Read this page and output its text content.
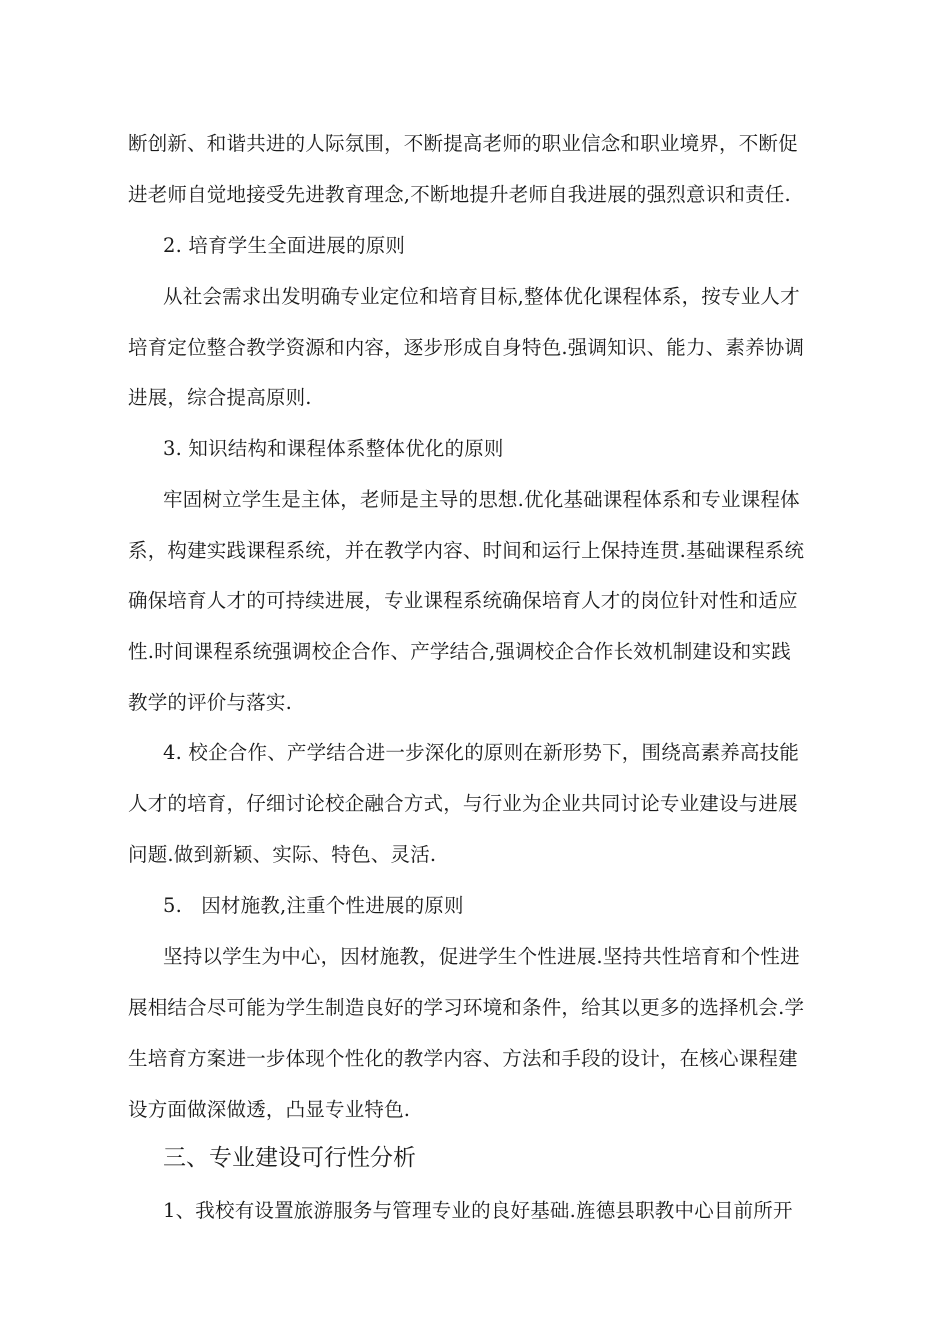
断创新、和谐共进的人际氛围，不断提高老师的职业信念和职业境界，不断促
进老师自觉地接受先进教育理念,不断地提升老师自我进展的强烈意识和责任.
2. 培育学生全面进展的原则
从社会需求出发明确专业定位和培育目标,整体优化课程体系，按专业人才
培育定位整合教学资源和内容，逐步形成自身特色.强调知识、能力、素养协调
进展，综合提高原则.
3. 知识结构和课程体系整体优化的原则
牢固树立学生是主体，老师是主导的思想.优化基础课程体系和专业课程体
系，构建实践课程系统，并在教学内容、时间和运行上保持连贯.基础课程系统
确保培育人才的可持续进展，专业课程系统确保培育人才的岗位针对性和适应
性.时间课程系统强调校企合作、产学结合,强调校企合作长效机制建设和实践
教学的评价与落实.
4. 校企合作、产学结合进一步深化的原则在新形势下，围绕高素养高技能
人才的培育，仔细讨论校企融合方式，与行业为企业共同讨论专业建设与进展
问题.做到新颖、实际、特色、灵活.
5.   因材施教,注重个性进展的原则
坚持以学生为中心，因材施教，促进学生个性进展.坚持共性培育和个性进
展相结合尽可能为学生制造良好的学习环境和条件，给其以更多的选择机会.学
生培育方案进一步体现个性化的教学内容、方法和手段的设计，在核心课程建
设方面做深做透，凸显专业特色.
三、专业建设可行性分析
1、我校有设置旅游服务与管理专业的良好基础.旌德县职教中心目前所开
